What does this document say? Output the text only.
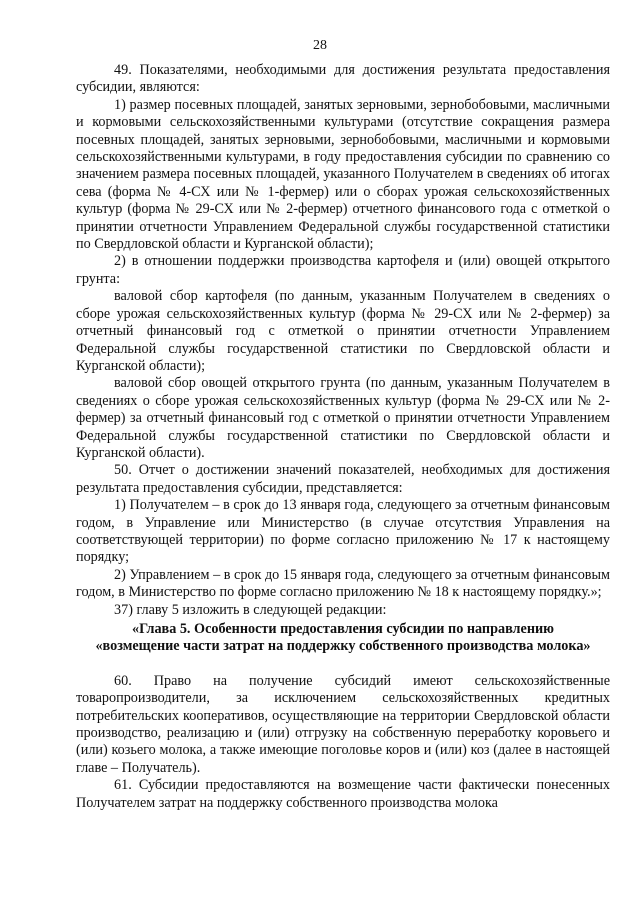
28

49. Показателями, необходимыми для достижения результата предоставления субсидии, являются:

1) размер посевных площадей, занятых зерновыми, зернобобовыми, масличными и кормовыми сельскохозяйственными культурами (отсутствие сокращения размера посевных площадей, занятых зерновыми, зернобобовыми, масличными и кормовыми сельскохозяйственными культурами, в году предоставления субсидии по сравнению со значением размера посевных площадей, указанного Получателем в сведениях об итогах сева (форма № 4-СХ или № 1-фермер) или о сборах урожая сельскохозяйственных культур (форма № 29-СХ или № 2-фермер) отчетного финансового года с отметкой о принятии отчетности Управлением Федеральной службы государственной статистики по Свердловской области и Курганской области);

2) в отношении поддержки производства картофеля и (или) овощей открытого грунта:

валовой сбор картофеля (по данным, указанным Получателем в сведениях о сборе урожая сельскохозяйственных культур (форма № 29-СХ или № 2-фермер) за отчетный финансовый год с отметкой о принятии отчетности Управлением Федеральной службы государственной статистики по Свердловской области и Курганской области);

валовой сбор овощей открытого грунта (по данным, указанным Получателем в сведениях о сборе урожая сельскохозяйственных культур (форма № 29-СХ или № 2-фермер) за отчетный финансовый год с отметкой о принятии отчетности Управлением Федеральной службы государственной статистики по Свердловской области и Курганской области).

50. Отчет о достижении значений показателей, необходимых для достижения результата предоставления субсидии, представляется:

1) Получателем – в срок до 13 января года, следующего за отчетным финансовым годом, в Управление или Министерство (в случае отсутствия Управления на соответствующей территории) по форме согласно приложению № 17 к настоящему порядку;

2) Управлением – в срок до 15 января года, следующего за отчетным финансовым годом, в Министерство по форме согласно приложению № 18 к настоящему порядку.»;

37) главу 5 изложить в следующей редакции:

«Глава 5. Особенности предоставления субсидии по направлению
«возмещение части затрат на поддержку собственного производства молока»

60. Право на получение субсидий имеют сельскохозяйственные товаропроизводители, за исключением сельскохозяйственных кредитных потребительских кооперативов, осуществляющие на территории Свердловской области производство, реализацию и (или) отгрузку на собственную переработку коровьего и (или) козьего молока, а также имеющие поголовье коров и (или) коз (далее в настоящей главе – Получатель).

61. Субсидии предоставляются на возмещение части фактически понесенных Получателем затрат на поддержку собственного производства молока
